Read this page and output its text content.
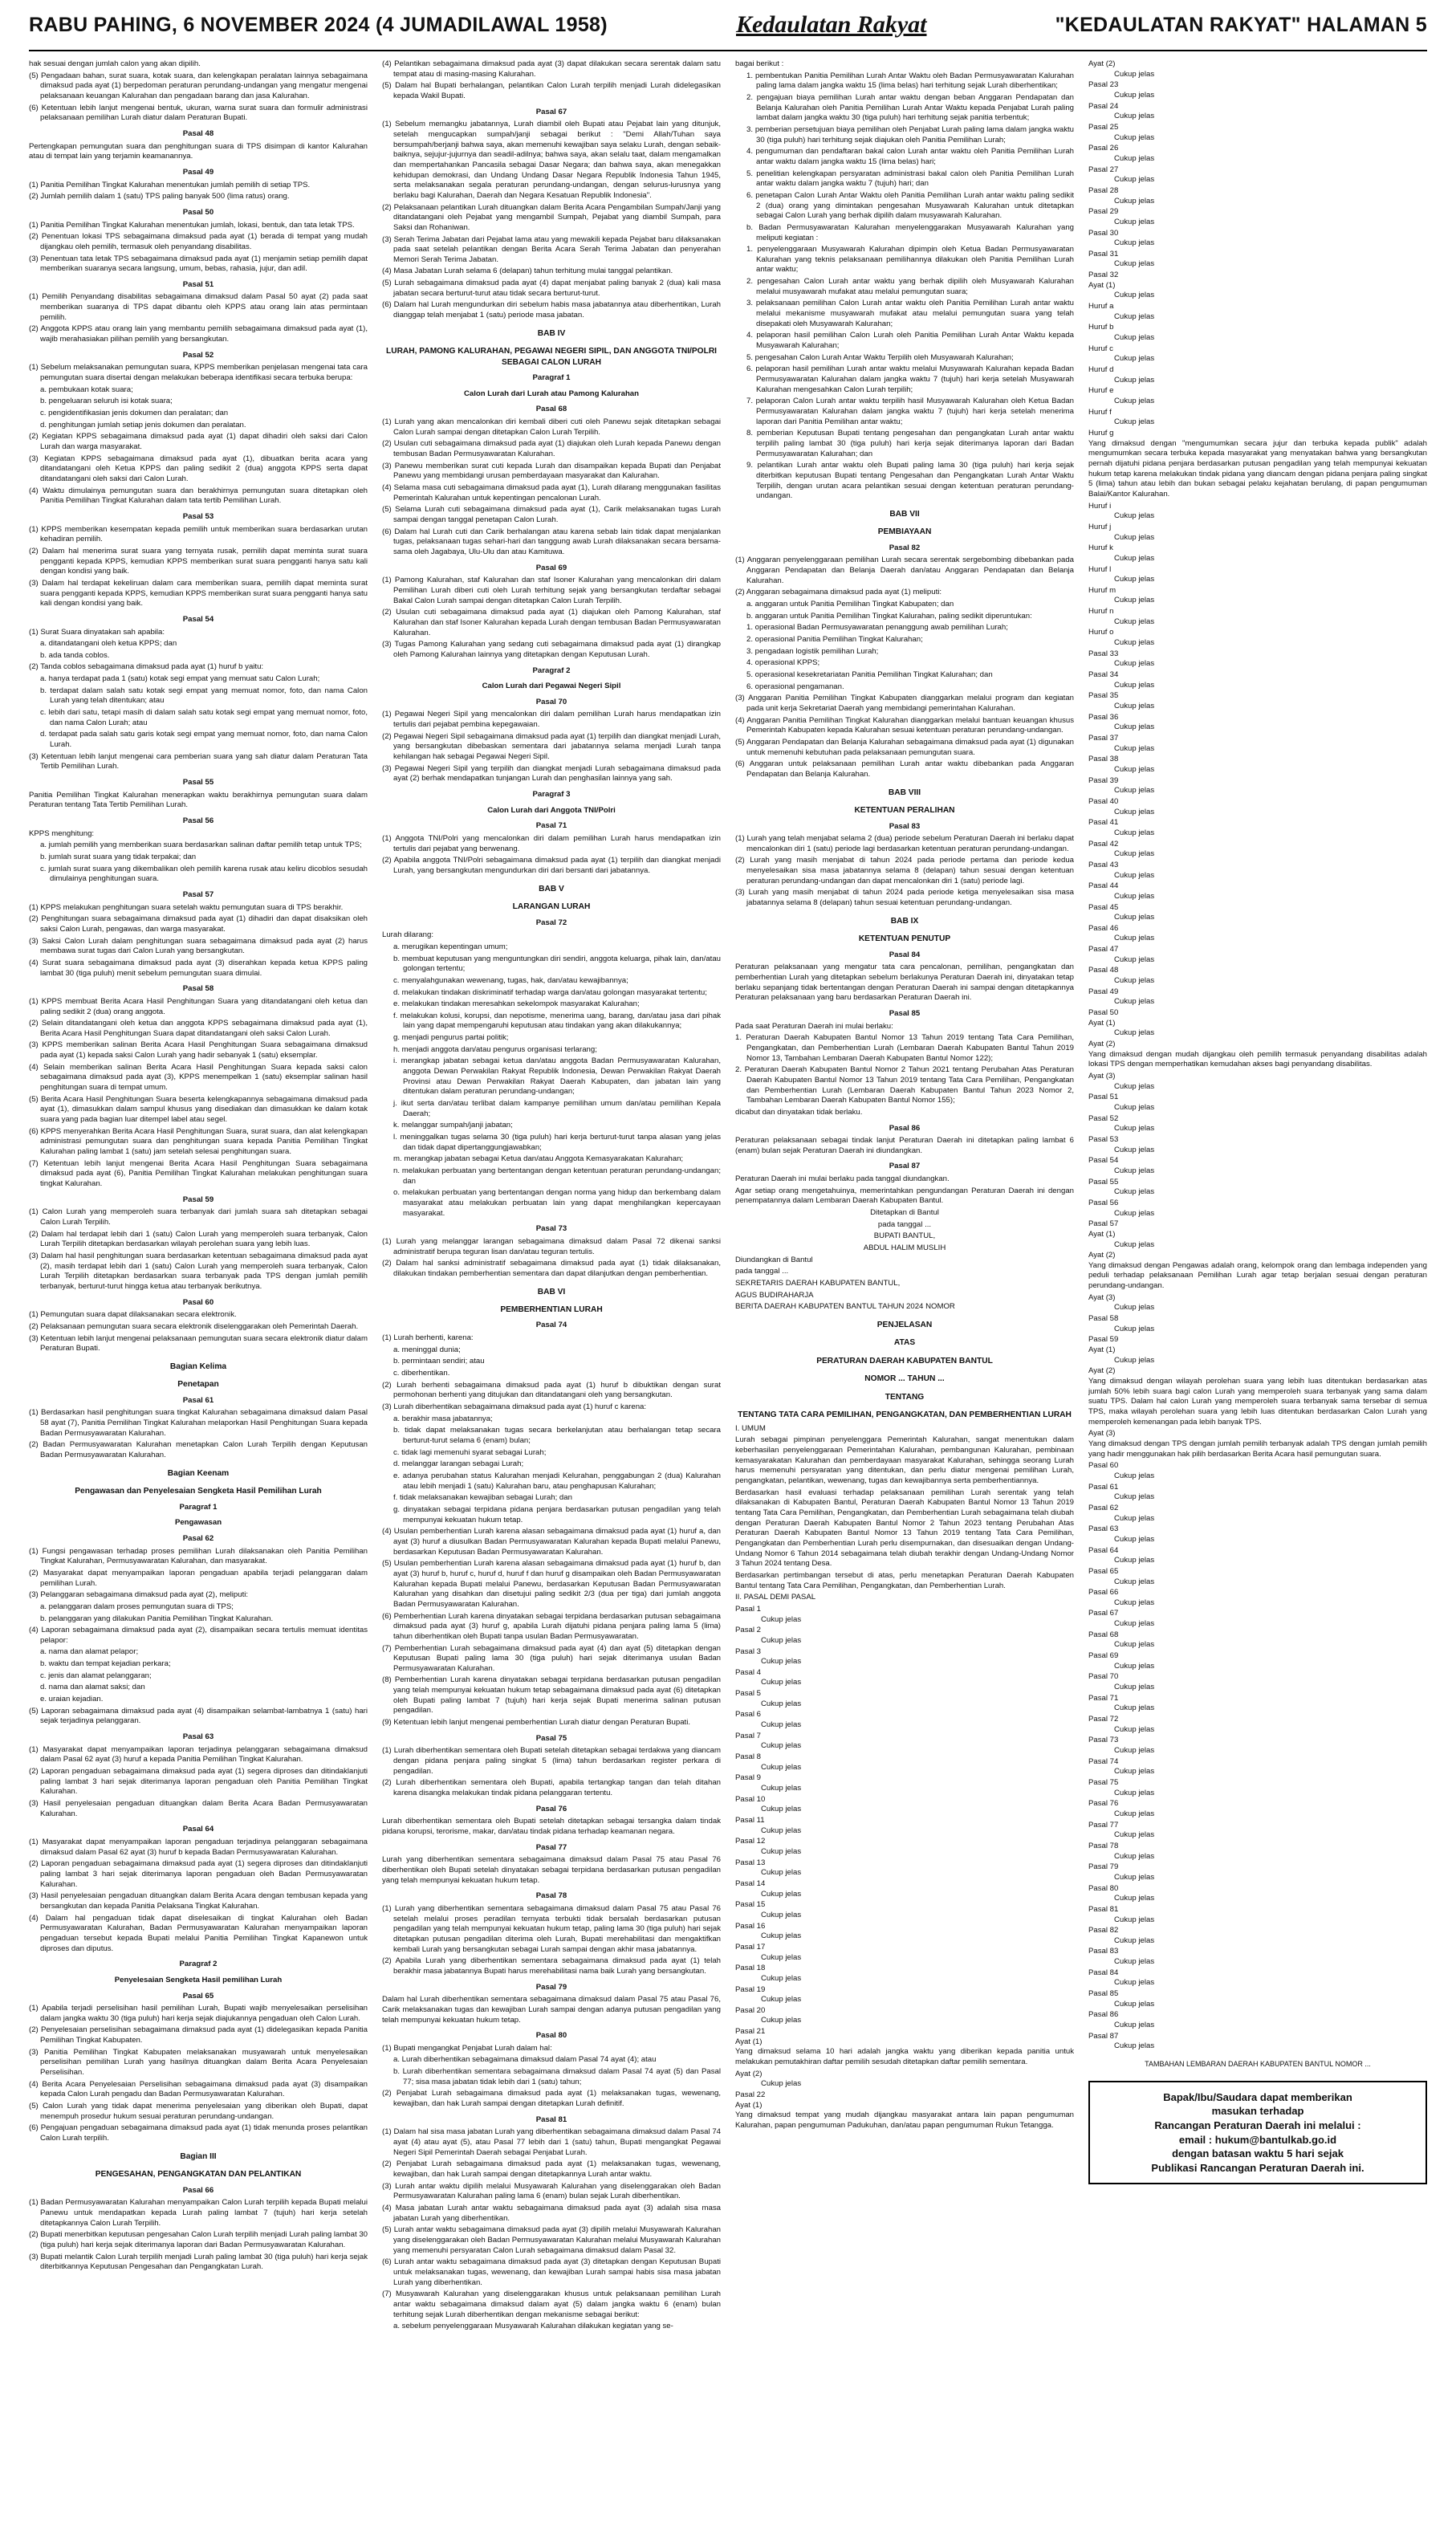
RABU PAHING, 6 NOVEMBER 2024 (4 JUMADILAWAL 1958)	Kedaulatan Rakyat	"KEDAULATAN RAKYAT" HALAMAN 5

hak sesuai dengan jumlah calon yang akan dipilih.

(5) Pengadaan bahan, surat suara, kotak suara, dan kelengkapan peralatan lainnya sebagaimana dimaksud pada ayat (1) berpedoman peraturan perundang-undangan yang mengatur mengenai pelaksanaan keuangan Kalurahan dan pengadaan barang dan jasa Kalurahan.

(6) Ketentuan lebih lanjut mengenai bentuk, ukuran, warna surat suara dan formulir administrasi pelaksanaan pemilihan Lurah diatur dalam Peraturan Bupati.

Pasal 48

Pertengkapan pemungutan suara dan penghitungan suara di TPS disimpan di kantor Kalurahan atau di tempat lain yang terjamin keamanannya.

Pasal 49

(1) Panitia Pemilihan Tingkat Kalurahan menentukan jumlah pemilih di setiap TPS.

(2) Jumlah pemilih dalam 1 (satu) TPS paling banyak 500 (lima ratus) orang.

Pasal 50

(1) Panitia Pemilihan Tingkat Kalurahan menentukan jumlah, lokasi, bentuk, dan tata letak TPS.

(2) Penentuan lokasi TPS sebagaimana dimaksud pada ayat (1) berada di tempat yang mudah dijangkau oleh pemilih, termasuk oleh penyandang disabilitas.

(3) Penentuan tata letak TPS sebagaimana dimaksud pada ayat (1) menjamin setiap pemilih dapat memberikan suaranya secara langsung, umum, bebas, rahasia, jujur, dan adil.

Pasal 51

(1) Pemilih Penyandang disabilitas sebagaimana dimaksud dalam Pasal 50 ayat (2) pada saat memberikan suaranya di TPS dapat dibantu oleh KPPS atau orang lain atas permintaan pemilih.

(2) Anggota KPPS atau orang lain yang membantu pemilih sebagaimana dimaksud pada ayat (1), wajib merahasiakan pilihan pemilih yang bersangkutan.

Pasal 52

(1) Sebelum melaksanakan pemungutan suara, KPPS memberikan penjelasan mengenai tata cara pemungutan suara disertai dengan melakukan beberapa identifikasi secara terbuka berupa:

a. pembukaan kotak suara;

b. pengeluaran seluruh isi kotak suara;

c. pengidentifikasian jenis dokumen dan peralatan; dan

d. penghitungan jumlah setiap jenis dokumen dan peralatan.

(2) Kegiatan KPPS sebagaimana dimaksud pada ayat (1) dapat dihadiri oleh saksi dari Calon Lurah dan warga masyarakat.

(3) Kegiatan KPPS sebagaimana dimaksud pada ayat (1), dibuatkan berita acara yang ditandatangani oleh Ketua KPPS dan paling sedikit 2 (dua) anggota KPPS serta dapat ditandatangani oleh saksi dari Calon Lurah.

(4) Waktu dimulainya pemungutan suara dan berakhirnya pemungutan suara ditetapkan oleh Panitia Pemilihan Tingkat Kalurahan dalam tata tertib Pemilihan Lurah.

Pasal 53

(1) KPPS memberikan kesempatan kepada pemilih untuk memberikan suara berdasarkan urutan kehadiran pemilih.

(2) Dalam hal menerima surat suara yang ternyata rusak, pemilih dapat meminta surat suara pengganti kepada KPPS, kemudian KPPS memberikan surat suara pengganti hanya satu kali dengan kondisi yang baik.

(3) Dalam hal terdapat kekeliruan dalam cara memberikan suara, pemilih dapat meminta surat suara pengganti kepada KPPS, kemudian KPPS memberikan surat suara pengganti hanya satu kali dengan kondisi yang baik.

Pasal 54

(1) Surat Suara dinyatakan sah apabila:

a. ditandatangani oleh ketua KPPS; dan

b. ada tanda coblos.

(2) Tanda coblos sebagaimana dimaksud pada ayat (1) huruf b yaitu:

a. hanya terdapat pada 1 (satu) kotak segi empat yang memuat satu Calon Lurah;

b. terdapat dalam salah satu kotak segi empat yang memuat nomor, foto, dan nama Calon Lurah yang telah ditentukan; atau

c. lebih dari satu, tetapi masih di dalam salah satu kotak segi empat yang memuat nomor, foto, dan nama Calon Lurah; atau

d. terdapat pada salah satu garis kotak segi empat yang memuat nomor, foto, dan nama Calon Lurah.

(3) Ketentuan lebih lanjut mengenai cara pemberian suara yang sah diatur dalam Peraturan Tata Tertib Pemilihan Lurah.

Pasal 55

Panitia Pemilihan Tingkat Kalurahan menerapkan waktu berakhirnya pemungutan suara dalam Peraturan tentang Tata Tertib Pemilihan Lurah.

Pasal 56

KPPS menghitung:

a. jumlah pemilih yang memberikan suara berdasarkan salinan daftar pemilih tetap untuk TPS;

b. jumlah surat suara yang tidak terpakai; dan

c. jumlah surat suara yang dikembalikan oleh pemilih karena rusak atau keliru dicoblos sesudah dimulainya penghitungan suara.

Pasal 57

(1) KPPS melakukan penghitungan suara setelah waktu pemungutan suara di TPS berakhir.

(2) Penghitungan suara sebagaimana dimaksud pada ayat (1) dihadiri dan dapat disaksikan oleh saksi Calon Lurah, pengawas, dan warga masyarakat.

(3) Saksi Calon Lurah dalam penghitungan suara sebagaimana dimaksud pada ayat (2) harus membawa surat tugas dari Calon Lurah yang bersangkutan.

(4) Surat suara sebagaimana dimaksud pada ayat (3) diserahkan kepada ketua KPPS paling lambat 30 (tiga puluh) menit sebelum pemungutan suara dimulai.

Pasal 58

(1) KPPS membuat Berita Acara Hasil Penghitungan Suara yang ditandatangani oleh ketua dan paling sedikit 2 (dua) orang anggota.

(2) Selain ditandatangani oleh ketua dan anggota KPPS sebagaimana dimaksud pada ayat (1), Berita Acara Hasil Penghitungan Suara dapat ditandatangani oleh saksi Calon Lurah.

(3) KPPS memberikan salinan Berita Acara Hasil Penghitungan Suara sebagaimana dimaksud pada ayat (1) kepada saksi Calon Lurah yang hadir sebanyak 1 (satu) eksemplar.

(4) Selain memberikan salinan Berita Acara Hasil Penghitungan Suara kepada saksi calon sebagaimana dimaksud pada ayat (3), KPPS menempelkan 1 (satu) eksemplar salinan hasil penghitungan suara di tempat umum.

(5) Berita Acara Hasil Penghitungan Suara beserta kelengkapannya sebagaimana dimaksud pada ayat (1), dimasukkan dalam sampul khusus yang disediakan dan dimasukkan ke dalam kotak suara yang pada bagian luar ditempel label atau segel.

(6) KPPS menyerahkan Berita Acara Hasil Penghitungan Suara, surat suara, dan alat kelengkapan administrasi pemungutan suara dan penghitungan suara kepada Panitia Pemilihan Tingkat Kalurahan paling lambat 1 (satu) jam setelah selesai penghitungan suara.

(7) Ketentuan lebih lanjut mengenai Berita Acara Hasil Penghitungan Suara sebagaimana dimaksud pada ayat (6), Panitia Pemilihan Tingkat Kalurahan melakukan penghitungan suara tingkat Kalurahan.

Pasal 59

(1) Calon Lurah yang memperoleh suara terbanyak dari jumlah suara sah ditetapkan sebagai Calon Lurah Terpilih.

(2) Dalam hal terdapat lebih dari 1 (satu) Calon Lurah yang memperoleh suara terbanyak, Calon Lurah Terpilih ditetapkan berdasarkan wilayah perolehan suara yang lebih luas.

(3) Dalam hal hasil penghitungan suara berdasarkan ketentuan sebagaimana dimaksud pada ayat (2), masih terdapat lebih dari 1 (satu) Calon Lurah yang memperoleh suara terbanyak, Calon Lurah Terpilih ditetapkan berdasarkan suara terbanyak pada TPS dengan jumlah pemilih terbanyak, berturut-turut hingga ketua atau terbanyak berikutnya.

Pasal 60

(1) Pemungutan suara dapat dilaksanakan secara elektronik.

(2) Pelaksanaan pemungutan suara secara elektronik diselenggarakan oleh Pemerintah Daerah.

(3) Ketentuan lebih lanjut mengenai pelaksanaan pemungutan suara secara elektronik diatur dalam Peraturan Bupati.

Bagian Kelima

Penetapan

Pasal 61

(1) Berdasarkan hasil penghitungan suara tingkat Kalurahan sebagaimana dimaksud dalam Pasal 58 ayat (7), Panitia Pemilihan Tingkat Kalurahan melaporkan Hasil Penghitungan Suara kepada Badan Permusyawaratan Kalurahan.

(2) Badan Permusyawaratan Kalurahan menetapkan Calon Lurah Terpilih dengan Keputusan Badan Permusyawaratan Kalurahan.

Bagian Keenam

Pengawasan dan Penyelesaian Sengketa Hasil Pemilihan Lurah

Paragraf 1

Pengawasan

Pasal 62

(1) Fungsi pengawasan terhadap proses pemilihan Lurah dilaksanakan oleh Panitia Pemilihan Tingkat Kalurahan, Permusyawaratan Kalurahan, dan masyarakat.

(2) Masyarakat dapat menyampaikan laporan pengaduan apabila terjadi pelanggaran dalam pemilihan Lurah.

(3) Pelanggaran sebagaimana dimaksud pada ayat (2), meliputi:

a. pelanggaran dalam proses pemungutan suara di TPS;

b. pelanggaran yang dilakukan Panitia Pemilihan Tingkat Kalurahan.

(4) Laporan sebagaimana dimaksud pada ayat (2), disampaikan secara tertulis memuat identitas pelapor:

a. nama dan alamat pelapor;

b. waktu dan tempat kejadian perkara;

c. jenis dan alamat pelanggaran;

d. nama dan alamat saksi; dan

e. uraian kejadian.

(5) Laporan sebagaimana dimaksud pada ayat (4) disampaikan selambat-lambatnya 1 (satu) hari sejak terjadinya pelanggaran.

Pasal 63

(1) Masyarakat dapat menyampaikan laporan terjadinya pelanggaran sebagaimana dimaksud dalam Pasal 62 ayat (3) huruf a kepada Panitia Pemilihan Tingkat Kalurahan.

(2) Laporan pengaduan sebagaimana dimaksud pada ayat (1) segera diproses dan ditindaklanjuti paling lambat 3 hari sejak diterimanya laporan pengaduan oleh Panitia Pemilihan Tingkat Kalurahan.

(3) Hasil penyelesaian pengaduan dituangkan dalam Berita Acara Badan Permusyawaratan Kalurahan.

Pasal 64

(1) Masyarakat dapat menyampaikan laporan pengaduan terjadinya pelanggaran sebagaimana dimaksud dalam Pasal 62 ayat (3) huruf b kepada Badan Permusyawaratan Kalurahan.

(2) Laporan pengaduan sebagaimana dimaksud pada ayat (1) segera diproses dan ditindaklanjuti paling lambat 3 hari sejak diterimanya laporan pengaduan oleh Badan Permusyawaratan Kalurahan.

(3) Hasil penyelesaian pengaduan dituangkan dalam Berita Acara dengan tembusan kepada yang bersangkutan dan kepada Panitia Pelaksana Tingkat Kalurahan.

(4) Dalam hal pengaduan tidak dapat diselesaikan di tingkat Kalurahan oleh Badan Permusyawaratan Kalurahan, Badan Permusyawaratan Kalurahan menyampaikan laporan pengaduan tersebut kepada Bupati melalui Panitia Pemilihan Tingkat Kapanewon untuk diproses dan diputus.

Paragraf 2

Penyelesaian Sengketa Hasil pemilihan Lurah

Pasal 65

(1) Apabila terjadi perselisihan hasil pemilihan Lurah, Bupati wajib menyelesaikan perselisihan dalam jangka waktu 30 (tiga puluh) hari kerja sejak diajukannya pengaduan oleh Calon Lurah.

(2) Penyelesaian perselisihan sebagaimana dimaksud pada ayat (1) didelegasikan kepada Panitia Pemilihan Tingkat Kabupaten.

(3) Panitia Pemilihan Tingkat Kabupaten melaksanakan musyawarah untuk menyelesaikan perselisihan pemilihan Lurah yang hasilnya dituangkan dalam Berita Acara Penyelesaian Perselisihan.

(4) Berita Acara Penyelesaian Perselisihan sebagaimana dimaksud pada ayat (3) disampaikan kepada Calon Lurah pengadu dan Badan Permusyawaratan Kalurahan.

(5) Calon Lurah yang tidak dapat menerima penyelesaian yang diberikan oleh Bupati, dapat menempuh prosedur hukum sesuai peraturan perundang-undangan.

(6) Pengajuan pengaduan sebagaimana dimaksud pada ayat (1) tidak menunda proses pelantikan Calon Lurah terpilih.

Bagian III

PENGESAHAN, PENGANGKATAN DAN PELANTIKAN

Pasal 66

(1) Badan Permusyawaratan Kalurahan menyampaikan Calon Lurah terpilih kepada Bupati melalui Panewu untuk mendapatkan kepada Lurah paling lambat 7 (tujuh) hari kerja setelah ditetapkannya Calon Lurah Terpilih.

(2) Bupati menerbitkan keputusan pengesahan Calon Lurah terpilih menjadi Lurah paling lambat 30 (tiga puluh) hari kerja sejak diterimanya laporan dari Badan Permusyawaratan Kalurahan.

(3) Bupati melantik Calon Lurah terpilih menjadi Lurah paling lambat 30 (tiga puluh) hari kerja sejak diterbitkannya Keputusan Pengesahan dan Pengangkatan Lurah.

(4) Pelantikan sebagaimana dimaksud pada ayat (3) dapat dilakukan secara serentak dalam satu tempat atau di masing-masing Kalurahan.

(5) Dalam hal Bupati berhalangan, pelantikan Calon Lurah terpilih menjadi Lurah didelegasikan kepada Wakil Bupati.

Pasal 67

(1) Sebelum memangku jabatannya, Lurah diambil oleh Bupati atau Pejabat lain yang ditunjuk, setelah mengucapkan sumpah/janji sebagai berikut : "Demi Allah/Tuhan saya bersumpah/berjanji bahwa saya, akan memenuhi kewajiban saya selaku Lurah, dengan sebaik-baiknya, sejujur-jujurnya dan seadil-adilnya; bahwa saya, akan selalu taat, dalam mengamalkan dan mempertahankan Pancasila sebagai Dasar Negara; dan bahwa saya, akan menegakkan kehidupan demokrasi, dan Undang Undang Dasar Negara Republik Indonesia Tahun 1945, serta melaksanakan segala peraturan perundang-undangan, dengan selurus-lurusnya yang berlaku bagi Kalurahan, Daerah dan Negara Kesatuan Republik Indonesia".

(2) Pelaksanaan pelantikan Lurah dituangkan dalam Berita Acara Pengambilan Sumpah/Janji yang ditandatangani oleh Pejabat yang mengambil Sumpah, Pejabat yang diambil Sumpah, para Saksi dan Rohaniwan.

(3) Serah Terima Jabatan dari Pejabat lama atau yang mewakili kepada Pejabat baru dilaksanakan pada saat setelah pelantikan dengan Berita Acara Serah Terima Jabatan dan penyerahan Memori Serah Terima Jabatan.

(4) Masa Jabatan Lurah selama 6 (delapan) tahun terhitung mulai tanggal pelantikan.

(5) Lurah sebagaimana dimaksud pada ayat (4) dapat menjabat paling banyak 2 (dua) kali masa jabatan secara berturut-turut atau tidak secara berturut-turut.

(6) Dalam hal Lurah mengundurkan diri sebelum habis masa jabatannya atau diberhentikan, Lurah dianggap telah menjabat 1 (satu) periode masa jabatan.

BAB IV

LURAH, PAMONG KALURAHAN, PEGAWAI NEGERI SIPIL, DAN ANGGOTA TNI/POLRI SEBAGAI CALON LURAH

Paragraf 1

Calon Lurah dari Lurah atau Pamong Kalurahan

Pasal 68

(1) Lurah yang akan mencalonkan diri kembali diberi cuti oleh Panewu sejak ditetapkan sebagai Calon Lurah sampai dengan ditetapkan Calon Lurah Terpilih.

(2) Usulan cuti sebagaimana dimaksud pada ayat (1) diajukan oleh Lurah kepada Panewu dengan tembusan Badan Permusyawaratan Kalurahan.

(3) Panewu memberikan surat cuti kepada Lurah dan disampaikan kepada Bupati dan Penjabat Panewu yang membidangi urusan pemberdayaan masyarakat dan Kalurahan.

(4) Selama masa cuti sebagaimana dimaksud pada ayat (1), Lurah dilarang menggunakan fasilitas Pemerintah Kalurahan untuk kepentingan pencalonan Lurah.

(5) Selama Lurah cuti sebagaimana dimaksud pada ayat (1), Carik melaksanakan tugas Lurah sampai dengan tanggal penetapan Calon Lurah.

(6) Dalam hal Lurah cuti dan Carik berhalangan atau karena sebab lain tidak dapat menjalankan tugas, pelaksanaan tugas sehari-hari dan tanggung awab Lurah dilaksanakan secara bersama-sama oleh Jagabaya, Ulu-Ulu dan atau Kamituwa.

Pasal 69

(1) Pamong Kalurahan, staf Kalurahan dan staf Isoner Kalurahan yang mencalonkan diri dalam Pemilihan Lurah diberi cuti oleh Lurah terhitung sejak yang bersangkutan terdaftar sebagai Bakal Calon Lurah sampai dengan ditetapkan Calon Lurah Terpilih.

(2) Usulan cuti sebagaimana dimaksud pada ayat (1) diajukan oleh Pamong Kalurahan, staf Kalurahan dan staf Isoner Kalurahan kepada Lurah dengan tembusan Badan Permusyawaratan Kalurahan.

(3) Tugas Pamong Kalurahan yang sedang cuti sebagaimana dimaksud pada ayat (1) dirangkap oleh Pamong Kalurahan lainnya yang ditetapkan dengan Keputusan Lurah.

Paragraf 2

Calon Lurah dari Pegawai Negeri Sipil

Pasal 70

(1) Pegawai Negeri Sipil yang mencalonkan diri dalam pemilihan Lurah harus mendapatkan izin tertulis dari pejabat pembina kepegawaian.

(2) Pegawai Negeri Sipil sebagaimana dimaksud pada ayat (1) terpilih dan diangkat menjadi Lurah, yang bersangkutan dibebaskan sementara dari jabatannya selama menjadi Lurah tanpa kehilangan hak sebagai Pegawai Negeri Sipil.

(3) Pegawai Negeri Sipil yang terpilih dan diangkat menjadi Lurah sebagaimana dimaksud pada ayat (2) berhak mendapatkan tunjangan Lurah dan penghasilan lainnya yang sah.

Paragraf 3

Calon Lurah dari Anggota TNI/Polri

Pasal 71

(1) Anggota TNI/Polri yang mencalonkan diri dalam pemilihan Lurah harus mendapatkan izin tertulis dari pejabat yang berwenang.

(2) Apabila anggota TNI/Polri sebagaimana dimaksud pada ayat (1) terpilih dan diangkat menjadi Lurah, yang bersangkutan mengundurkan diri dari bersanti dari jabatannya.

BAB V

LARANGAN LURAH

Pasal 72

Lurah dilarang:

a. merugikan kepentingan umum;

b. membuat keputusan yang menguntungkan diri sendiri, anggota keluarga, pihak lain, dan/atau golongan tertentu;

c. menyalahgunakan wewenang, tugas, hak, dan/atau kewajibannya;

d. melakukan tindakan diskriminatif terhadap warga dan/atau golongan masyarakat tertentu;

e. melakukan tindakan meresahkan sekelompok masyarakat Kalurahan;

f. melakukan kolusi, korupsi, dan nepotisme, menerima uang, barang, dan/atau jasa dari pihak lain yang dapat mempengaruhi keputusan atau tindakan yang akan dilakukannya;

g. menjadi pengurus partai politik;

h. menjadi anggota dan/atau pengurus organisasi terlarang;

i. merangkap jabatan sebagai ketua dan/atau anggota Badan Permusyawaratan Kalurahan, anggota Dewan Perwakilan Rakyat Republik Indonesia, Dewan Perwakilan Rakyat Daerah Provinsi atau Dewan Perwakilan Rakyat Daerah Kabupaten, dan jabatan lain yang ditentukan dalam peraturan perundang-undangan;

j. ikut serta dan/atau terlibat dalam kampanye pemilihan umum dan/atau pemilihan Kepala Daerah;

k. melanggar sumpah/janji jabatan;

l. meninggalkan tugas selama 30 (tiga puluh) hari kerja berturut-turut tanpa alasan yang jelas dan tidak dapat dipertanggungjawabkan;

m. merangkap jabatan sebagai Ketua dan/atau Anggota Kemasyarakatan Kalurahan;

n. melakukan perbuatan yang bertentangan dengan ketentuan peraturan perundang-undangan; dan

o. melakukan perbuatan yang bertentangan dengan norma yang hidup dan berkembang dalam masyarakat atau melakukan perbuatan lain yang dapat menghilangkan kepercayaan masyarakat.

Pasal 73

(1) Lurah yang melanggar larangan sebagaimana dimaksud dalam Pasal 72 dikenai sanksi administratif berupa teguran lisan dan/atau teguran tertulis.

(2) Dalam hal sanksi administratif sebagaimana dimaksud pada ayat (1) tidak dilaksanakan, dilakukan tindakan pemberhentian sementara dan dapat dilanjutkan dengan pemberhentian.

BAB VI

PEMBERHENTIAN LURAH

Pasal 74

(1) Lurah berhenti, karena:

a. meninggal dunia;

b. permintaan sendiri; atau

c. diberhentikan.

(2) Lurah berhenti sebagaimana dimaksud pada ayat (1) huruf b dibuktikan dengan surat permohonan berhenti yang ditujukan dan ditandatangani oleh yang bersangkutan.

(3) Lurah diberhentikan sebagaimana dimaksud pada ayat (1) huruf c karena:

a. berakhir masa jabatannya;

b. tidak dapat melaksanakan tugas secara berkelanjutan atau berhalangan tetap secara berturut-turut selama 6 (enam) bulan;

c. tidak lagi memenuhi syarat sebagai Lurah;

d. melanggar larangan sebagai Lurah;

e. adanya perubahan status Kalurahan menjadi Kelurahan, penggabungan 2 (dua) Kalurahan atau lebih menjadi 1 (satu) Kalurahan baru, atau penghapusan Kalurahan;

f. tidak melaksanakan kewajiban sebagai Lurah; dan

g. dinyatakan sebagai terpidana pidana penjara berdasarkan putusan pengadilan yang telah mempunyai kekuatan hukum tetap.

(4) Usulan pemberhentian Lurah karena alasan sebagaimana dimaksud pada ayat (1) huruf a, dan ayat (3) huruf a diusulkan Badan Permusyawaratan Kalurahan kepada Bupati melalui Panewu, berdasarkan Keputusan Badan Permusyawaratan Kalurahan.

(5) Usulan pemberhentian Lurah karena alasan sebagaimana dimaksud pada ayat (1) huruf b, dan ayat (3) huruf b, huruf c, huruf d, huruf f dan huruf g disampaikan oleh Badan Permusyawaratan Kalurahan kepada Bupati melalui Panewu, berdasarkan Keputusan Badan Permusyawaratan Kalurahan yang disahkan dan disetujui paling sedikit 2/3 (dua per tiga) dari jumlah anggota Badan Permusyawaratan Kalurahan.

(6) Pemberhentian Lurah karena dinyatakan sebagai terpidana berdasarkan putusan sebagaimana dimaksud pada ayat (3) huruf g, apabila Lurah dijatuhi pidana penjara paling lama 5 (lima) tahun diberhentikan oleh Bupati tanpa usulan Badan Permusyawaratan.

(7) Pemberhentian Lurah sebagaimana dimaksud pada ayat (4) dan ayat (5) ditetapkan dengan Keputusan Bupati paling lama 30 (tiga puluh) hari sejak diterimanya usulan Badan Permusyawaratan Kalurahan.

(8) Pemberhentian Lurah karena dinyatakan sebagai terpidana berdasarkan putusan pengadilan yang telah mempunyai kekuatan hukum tetap sebagaimana dimaksud pada ayat (6) ditetapkan oleh Bupati paling lambat 7 (tujuh) hari kerja sejak Bupati menerima salinan putusan pengadilan.

(9) Ketentuan lebih lanjut mengenai pemberhentian Lurah diatur dengan Peraturan Bupati.

Pasal 75

(1) Lurah diberhentikan sementara oleh Bupati setelah ditetapkan sebagai terdakwa yang diancam dengan pidana penjara paling singkat 5 (lima) tahun berdasarkan register perkara di pengadilan.

(2) Lurah diberhentikan sementara oleh Bupati, apabila tertangkap tangan dan telah ditahan karena disangka melakukan tindak pidana pelanggaran tertentu.

Pasal 76

Lurah diberhentikan sementara oleh Bupati setelah ditetapkan sebagai tersangka dalam tindak pidana korupsi, terorisme, makar, dan/atau tindak pidana terhadap keamanan negara.

Pasal 77

Lurah yang diberhentikan sementara sebagaimana dimaksud dalam Pasal 75 atau Pasal 76 diberhentikan oleh Bupati setelah dinyatakan sebagai terpidana berdasarkan putusan pengadilan yang telah mempunyai kekuatan hukum tetap.

Pasal 78

(1) Lurah yang diberhentikan sementara sebagaimana dimaksud dalam Pasal 75 atau Pasal 76 setelah melalui proses peradilan ternyata terbukti tidak bersalah berdasarkan putusan pengadilan yang telah mempunyai kekuatan hukum tetap, paling lama 30 (tiga puluh) hari sejak ditetapkan putusan pengadilan diterima oleh Lurah, Bupati merehabilitasi dan mengaktifkan kembali Lurah yang bersangkutan sebagai Lurah sampai dengan akhir masa jabatannya.

(2) Apabila Lurah yang diberhentikan sementara sebagaimana dimaksud pada ayat (1) telah berakhir masa jabatannya Bupati harus merehabilitasi nama baik Lurah yang bersangkutan.

Pasal 79

Dalam hal Lurah diberhentikan sementara sebagaimana dimaksud dalam Pasal 75 atau Pasal 76, Carik melaksanakan tugas dan kewajiban Lurah sampai dengan adanya putusan pengadilan yang telah mempunyai kekuatan hukum tetap.

Pasal 80

(1) Bupati mengangkat Penjabat Lurah dalam hal:

a. Lurah diberhentikan sebagaimana dimaksud dalam Pasal 74 ayat (4); atau

b. Lurah diberhentikan sementara sebagaimana dimaksud dalam Pasal 74 ayat (5) dan Pasal 77; sisa masa jabatan tidak lebih dari 1 (satu) tahun;

(2) Penjabat Lurah sebagaimana dimaksud pada ayat (1) melaksanakan tugas, wewenang, kewajiban, dan hak Lurah sampai dengan ditetapkan Lurah definitif.

Pasal 81

(1) Dalam hal sisa masa jabatan Lurah yang diberhentikan sebagaimana dimaksud dalam Pasal 74 ayat (4) atau ayat (5), atau Pasal 77 lebih dari 1 (satu) tahun, Bupati mengangkat Pegawai Negeri Sipil Pemerintah Daerah sebagai Penjabat Lurah.

(2) Penjabat Lurah sebagaimana dimaksud pada ayat (1) melaksanakan tugas, wewenang, kewajiban, dan hak Lurah sampai dengan ditetapkannya Lurah antar waktu.

(3) Lurah antar waktu dipilih melalui Musyawarah Kalurahan yang diselenggarakan oleh Badan Permusyawaratan Kalurahan paling lama 6 (enam) bulan sejak Lurah diberhentikan.

(4) Masa jabatan Lurah antar waktu sebagaimana dimaksud pada ayat (3) adalah sisa masa jabatan Lurah yang diberhentikan.

(5) Lurah antar waktu sebagaimana dimaksud pada ayat (3) dipilih melalui Musyawarah Kalurahan yang diselenggarakan oleh Badan Permusyawaratan Kalurahan melalui Musyawarah Kalurahan yang memenuhi persyaratan Calon Lurah sebagaimana dimaksud dalam Pasal 32.

(6) Lurah antar waktu sebagaimana dimaksud pada ayat (3) ditetapkan dengan Keputusan Bupati untuk melaksanakan tugas, wewenang, dan kewajiban Lurah sampai habis sisa masa jabatan Lurah yang diberhentikan.

(7) Musyawarah Kalurahan yang diselenggarakan khusus untuk pelaksanaan pemilihan Lurah antar waktu sebagaimana dimaksud dalam ayat (5) dalam jangka waktu 6 (enam) bulan terhitung sejak Lurah diberhentikan dengan mekanisme sebagai berikut:

a. sebelum penyelenggaraan Musyawarah Kalurahan dilakukan kegiatan yang se-

bagai berikut :

1. pembentukan Panitia Pemilihan Lurah Antar Waktu oleh Badan Permusyawaratan Kalurahan paling lama dalam jangka waktu 15 (lima belas) hari terhitung sejak Lurah diberhentikan;

2. pengajuan biaya pemilihan Lurah antar waktu dengan beban Anggaran Pendapatan dan Belanja Kalurahan oleh Panitia Pemilihan Lurah Antar Waktu kepada Penjabat Lurah paling lambat dalam jangka waktu 30 (tiga puluh) hari terhitung sejak panitia terbentuk;

3. pemberian persetujuan biaya pemilihan oleh Penjabat Lurah paling lama dalam jangka waktu 30 (tiga puluh) hari terhitung sejak diajukan oleh Panitia Pemilihan Lurah;

4. pengumuman dan pendaftaran bakal calon Lurah antar waktu oleh Panitia Pemilihan Lurah antar waktu dalam jangka waktu 15 (lima belas) hari;

5. penelitian kelengkapan persyaratan administrasi bakal calon oleh Panitia Pemilihan Lurah antar waktu dalam jangka waktu 7 (tujuh) hari; dan

6. penetapan Calon Lurah Antar Waktu oleh Panitia Pemilihan Lurah antar waktu paling sedikit 2 (dua) orang yang dimintakan pengesahan Musyawarah Kalurahan untuk ditetapkan sebagai Calon Lurah yang berhak dipilih dalam musyawarah Kalurahan.

b. Badan Permusyawaratan Kalurahan menyelenggarakan Musyawarah Kalurahan yang meliputi kegiatan :

1. penyelenggaraan Musyawarah Kalurahan dipimpin oleh Ketua Badan Permusyawaratan Kalurahan yang teknis pelaksanaan pemilihannya dilakukan oleh Panitia Pemilihan Lurah antar waktu;

2. pengesahan Calon Lurah antar waktu yang berhak dipilih oleh Musyawarah Kalurahan melalui musyawarah mufakat atau melalui pemungutan suara;

3. pelaksanaan pemilihan Calon Lurah antar waktu oleh Panitia Pemilihan Lurah antar waktu melalui mekanisme musyawarah mufakat atau melalui pemungutan suara yang telah disepakati oleh Musyawarah Kalurahan;

4. pelaporan hasil pemilihan Calon Lurah oleh Panitia Pemilihan Lurah Antar Waktu kepada Musyawarah Kalurahan;

5. pengesahan Calon Lurah Antar Waktu Terpilih oleh Musyawarah Kalurahan;

6. pelaporan hasil pemilihan Lurah antar waktu melalui Musyawarah Kalurahan kepada Badan Permusyawaratan Kalurahan dalam jangka waktu 7 (tujuh) hari kerja setelah Musyawarah Kalurahan mengesahkan Calon Lurah terpilih;

7. pelaporan Calon Lurah antar waktu terpilih hasil Musyawarah Kalurahan oleh Ketua Badan Permusyawaratan Kalurahan dalam jangka waktu 7 (tujuh) hari kerja setelah menerima laporan dari Panitia Pemilihan antar waktu;

8. pemberian Keputusan Bupati tentang pengesahan dan pengangkatan Lurah antar waktu terpilih paling lambat 30 (tiga puluh) hari kerja sejak diterimanya laporan dari Badan Permusyawaratan Kalurahan; dan

9. pelantikan Lurah antar waktu oleh Bupati paling lama 30 (tiga puluh) hari kerja sejak diterbitkan keputusan Bupati tentang Pengesahan dan Pengangkatan Lurah Antar Waktu Terpilih, dengan urutan acara pelantikan sesuai dengan ketentuan peraturan perundang-undangan.

BAB VII

PEMBIAYAAN

Pasal 82

(1) Anggaran penyelenggaraan pemilihan Lurah secara serentak sergebombing dibebankan pada Anggaran Pendapatan dan Belanja Daerah dan/atau Anggaran Pendapatan dan Belanja Kalurahan.

(2) Anggaran sebagaimana dimaksud pada ayat (1) meliputi:

a. anggaran untuk Panitia Pemilihan Tingkat Kabupaten; dan

b. anggaran untuk Panitia Pemilihan Tingkat Kalurahan, paling sedikit diperuntukan:

1. operasional Badan Permusyawaratan penanggung awab pemilihan Lurah;

2. operasional Panitia Pemilihan Tingkat Kalurahan;

3. pengadaan logistik pemilihan Lurah;

4. operasional KPPS;

5. operasional kesekretariatan Panitia Pemilihan Tingkat Kalurahan; dan

6. operasional pengamanan.

(3) Anggaran Panitia Pemilihan Tingkat Kabupaten dianggarkan melalui program dan kegiatan pada unit kerja Sekretariat Daerah yang membidangi pemerintahan Kalurahan.

(4) Anggaran Panitia Pemilihan Tingkat Kalurahan dianggarkan melalui bantuan keuangan khusus Pemerintah Kabupaten kepada Kalurahan sesuai ketentuan peraturan perundang-undangan.

(5) Anggaran Pendapatan dan Belanja Kalurahan sebagaimana dimaksud pada ayat (1) digunakan untuk memenuhi kebutuhan pada pelaksanaan pemungutan suara.

(6) Anggaran untuk pelaksanaan pemilihan Lurah antar waktu dibebankan pada Anggaran Pendapatan dan Belanja Kalurahan.

BAB VIII

KETENTUAN PERALIHAN

Pasal 83

(1) Lurah yang telah menjabat selama 2 (dua) periode sebelum Peraturan Daerah ini berlaku dapat mencalonkan diri 1 (satu) periode lagi berdasarkan ketentuan peraturan perundang-undangan.

(2) Lurah yang masih menjabat di tahun 2024 pada periode pertama dan periode kedua menyelesaikan sisa masa jabatannya selama 8 (delapan) tahun sesuai dengan ketentuan peraturan perundang-undangan dan dapat mencalonkan diri 1 (satu) periode lagi.

(3) Lurah yang masih menjabat di tahun 2024 pada periode ketiga menyelesaikan sisa masa jabatannya selama 8 (delapan) tahun sesuai ketentuan perundang-undangan.

BAB IX

KETENTUAN PENUTUP

Pasal 84

Peraturan pelaksanaan yang mengatur tata cara pencalonan, pemilihan, pengangkatan dan pemberhentian Lurah yang ditetapkan sebelum berlakunya Peraturan Daerah ini, dinyatakan tetap berlaku sepanjang tidak bertentangan dengan Peraturan Daerah ini sampai dengan ditetapkannya Peraturan pelaksanaan yang baru berdasarkan Peraturan Daerah ini.

Pasal 85

Pada saat Peraturan Daerah ini mulai berlaku:

1. Peraturan Daerah Kabupaten Bantul Nomor 13 Tahun 2019 tentang Tata Cara Pemilihan, Pengangkatan, dan Pemberhentian Lurah (Lembaran Daerah Kabupaten Bantul Tahun 2019 Nomor 13, Tambahan Lembaran Daerah Kabupaten Bantul Nomor 122);

2. Peraturan Daerah Kabupaten Bantul Nomor 2 Tahun 2021 tentang Perubahan Atas Peraturan Daerah Kabupaten Bantul Nomor 13 Tahun 2019 tentang Tata Cara Pemilihan, Pengangkatan dan Pemberhentian Lurah (Lembaran Daerah Kabupaten Bantul Tahun 2023 Nomor 2, Tambahan Lembaran Daerah Kabupaten Bantul Nomor 155);

dicabut dan dinyatakan tidak berlaku.

Pasal 86

Peraturan pelaksanaan sebagai tindak lanjut Peraturan Daerah ini ditetapkan paling lambat 6 (enam) bulan sejak Peraturan Daerah ini diundangkan.

Pasal 87

Peraturan Daerah ini mulai berlaku pada tanggal diundangkan.

Agar setiap orang mengetahuinya, memerintahkan pengundangan Peraturan Daerah ini dengan penempatannya dalam Lembaran Daerah Kabupaten Bantul.

Ditetapkan di Bantul

pada tanggal ...

BUPATI BANTUL,

ABDUL HALIM MUSLIH

Diundangkan di Bantul

pada tanggal ...

SEKRETARIS DAERAH KABUPATEN BANTUL,

AGUS BUDIRAHARJA

BERITA DAERAH KABUPATEN BANTUL TAHUN 2024 NOMOR

PENJELASAN

ATAS

PERATURAN DAERAH KABUPATEN BANTUL

NOMOR ... TAHUN ...

TENTANG

TENTANG TATA CARA PEMILIHAN, PENGANGKATAN, DAN PEMBERHENTIAN LURAH

I. UMUM

Lurah sebagai pimpinan penyelenggara Pemerintah Kalurahan, sangat menentukan dalam keberhasilan penyelenggaraan Pemerintahan Kalurahan, pembangunan Kalurahan, pembinaan kemasyarakatan Kalurahan dan pemberdayaan masyarakat Kalurahan, sehingga seorang Lurah harus memenuhi persyaratan yang ditentukan, dan perlu diatur mengenai pemilihan Lurah, pengangkatan, pelantikan, wewenang, tugas dan kewajibannya serta pemberhentiannya.

Berdasarkan hasil evaluasi terhadap pelaksanaan pemilihan Lurah serentak yang telah dilaksanakan di Kabupaten Bantul, Peraturan Daerah Kabupaten Bantul Nomor 13 Tahun 2019 tentang Tata Cara Pemilihan, Pengangkatan, dan Pemberhentian Lurah sebagaimana telah diubah dengan Peraturan Daerah Kabupaten Bantul Nomor 2 Tahun 2023 tentang Perubahan Atas Peraturan Daerah Kabupaten Bantul Nomor 13 Tahun 2019 tentang Tata Cara Pemilihan, Pengangkatan dan Pemberhentian Lurah perlu disempurnakan, dan disesuaikan dengan Undang-Undang Nomor 6 Tahun 2014 sebagaimana telah diubah terakhir dengan Undang-Undang Nomor 3 Tahun 2024 tentang Desa.

Berdasarkan pertimbangan tersebut di atas, perlu menetapkan Peraturan Daerah Kabupaten Bantul tentang Tata Cara Pemilihan, Pengangkatan, dan Pemberhentian Lurah.

II. PASAL DEMI PASAL

Pasal 1

Cukup jelas

Pasal 2

Cukup jelas

Pasal 3

Cukup jelas

Pasal 4

Cukup jelas

Pasal 5

Cukup jelas

Pasal 6

Cukup jelas

Pasal 7

Cukup jelas

Pasal 8

Cukup jelas

Pasal 9

Cukup jelas

Pasal 10

Cukup jelas

Pasal 11

Cukup jelas

Pasal 12

Cukup jelas

Pasal 13

Cukup jelas

Pasal 14

Cukup jelas

Pasal 15

Cukup jelas

Pasal 16

Cukup jelas

Pasal 17

Cukup jelas

Pasal 18

Cukup jelas

Pasal 19

Cukup jelas

Pasal 20

Cukup jelas

Pasal 21

Ayat (1)

Yang dimaksud selama 10 hari adalah jangka waktu yang diberikan kepada panitia untuk melakukan pemutakhiran daftar pemilih sesudah ditetapkan daftar pemilih sementara.

Ayat (2)

Cukup jelas

Pasal 22

Ayat (1)

Yang dimaksud tempat yang mudah dijangkau masyarakat antara lain papan pengumuman Kalurahan, papan pengumuman Padukuhan, dan/atau papan pengumuman Rukun Tetangga.

Ayat (2)

Cukup jelas

Pasal 23

Cukup jelas

Pasal 24

Cukup jelas

Pasal 25

Cukup jelas

Pasal 26

Cukup jelas

Pasal 27

Cukup jelas

Pasal 28

Cukup jelas

Pasal 29

Cukup jelas

Pasal 30

Cukup jelas

Pasal 31

Cukup jelas

Pasal 32

Ayat (1)

Cukup jelas

Huruf a

Cukup jelas

Huruf b

Cukup jelas

Huruf c

Cukup jelas

Huruf d

Cukup jelas

Huruf e

Cukup jelas

Huruf f

Cukup jelas

Huruf g

Yang dimaksud dengan "mengumumkan secara jujur dan terbuka kepada publik" adalah mengumumkan secara terbuka kepada masyarakat yang menyatakan bahwa yang bersangkutan pernah dijatuhi pidana penjara berdasarkan putusan pengadilan yang telah mempunyai kekuatan hukum tetap karena melakukan tindak pidana yang diancam dengan pidana penjara paling singkat 5 (lima) tahun atau lebih dan bukan sebagai pelaku kejahatan berulang, di papan pengumuman Balai/Kantor Kalurahan.

Huruf i

Cukup jelas

Huruf j

Cukup jelas

Huruf k

Cukup jelas

Huruf l

Cukup jelas

Huruf m

Cukup jelas

Huruf n

Cukup jelas

Huruf o

Cukup jelas

Pasal 33

Cukup jelas

Pasal 34

Cukup jelas

Pasal 35

Cukup jelas

Pasal 36

Cukup jelas

Pasal 37

Cukup jelas

Pasal 38

Cukup jelas

Pasal 39

Cukup jelas

Pasal 40

Cukup jelas

Pasal 41

Cukup jelas

Pasal 42

Cukup jelas

Pasal 43

Cukup jelas

Pasal 44

Cukup jelas

Pasal 45

Cukup jelas

Pasal 46

Cukup jelas

Pasal 47

Cukup jelas

Pasal 48

Cukup jelas

Pasal 49

Cukup jelas

Pasal 50

Ayat (1)

Cukup jelas

Ayat (2)

Yang dimaksud dengan mudah dijangkau oleh pemilih termasuk penyandang disabilitas adalah lokasi TPS dengan memperhatikan kemudahan akses bagi penyandang disabilitas.

Ayat (3)

Cukup jelas

Pasal 51

Cukup jelas

Pasal 52

Cukup jelas

Pasal 53

Cukup jelas

Pasal 54

Cukup jelas

Pasal 55

Cukup jelas

Pasal 56

Cukup jelas

Pasal 57

Ayat (1)

Cukup jelas

Ayat (2)

Yang dimaksud dengan Pengawas adalah orang, kelompok orang dan lembaga independen yang peduli terhadap pelaksanaan Pemilihan Lurah agar tetap berjalan sesuai dengan peraturan perundang-undangan.

Ayat (3)

Cukup jelas

Pasal 58

Cukup jelas

Pasal 59

Ayat (1)

Cukup jelas

Ayat (2)

Yang dimaksud dengan wilayah perolehan suara yang lebih luas ditentukan berdasarkan atas jumlah 50% lebih suara bagi calon Lurah yang memperoleh suara terbanyak yang sama dalam suatu TPS. Dalam hal calon Lurah yang memperoleh suara terbanyak sama tersebar di semua TPS, maka wilayah perolehan suara yang lebih luas ditentukan berdasarkan Calon Lurah yang memperoleh kemenangan pada lebih banyak TPS.

Ayat (3)

Yang dimaksud dengan TPS dengan jumlah pemilih terbanyak adalah TPS dengan jumlah pemilih yang hadir menggunakan hak pilih berdasarkan Berita Acara hasil pemungutan suara.

Pasal 60

Cukup jelas

Pasal 61

Cukup jelas

Pasal 62

Cukup jelas

Pasal 63

Cukup jelas

Pasal 64

Cukup jelas

Pasal 65

Cukup jelas

Pasal 66

Cukup jelas

Pasal 67

Cukup jelas

Pasal 68

Cukup jelas

Pasal 69

Cukup jelas

Pasal 70

Cukup jelas

Pasal 71

Cukup jelas

Pasal 72

Cukup jelas

Pasal 73

Cukup jelas

Pasal 74

Cukup jelas

Pasal 75

Cukup jelas

Pasal 76

Cukup jelas

Pasal 77

Cukup jelas

Pasal 78

Cukup jelas

Pasal 79

Cukup jelas

Pasal 80

Cukup jelas

Pasal 81

Cukup jelas

Pasal 82

Cukup jelas

Pasal 83

Cukup jelas

Pasal 84

Cukup jelas

Pasal 85

Cukup jelas

Pasal 86

Cukup jelas

Pasal 87

Cukup jelas

TAMBAHAN LEMBARAN DAERAH KABUPATEN BANTUL NOMOR ...

Bapak/Ibu/Saudara dapat memberikan

masukan terhadap

Rancangan Peraturan Daerah ini melalui :

email : hukum@bantulkab.go.id

dengan batasan waktu 5 hari sejak

Publikasi Rancangan Peraturan Daerah ini.
